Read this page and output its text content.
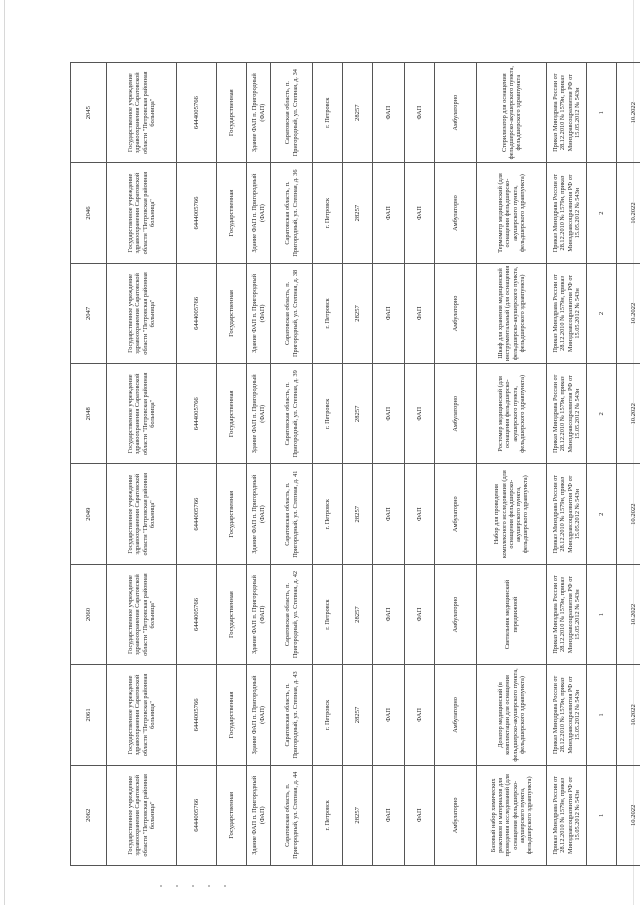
2062	2061	2060	2049	2048	2047	2046	2045
Государственное учреждение здравоохранения Саратовской области "Петровская районная больница"	Государственное учреждение здравоохранения Саратовской области "Петровская районная больница"	Государственное учреждение здравоохранения Саратовской области "Петровская районная больница"	Государственное учреждение здравоохранения Саратовской области "Петровская районная больница"	Государственное учреждение здравоохранения Саратовской области "Петровская районная больница"	Государственное учреждение здравоохранения Саратовской области "Петровская районная больница"	Государственное учреждение здравоохранения Саратовской области "Петровская районная больница"	Государственное учреждение здравоохранения Саратовской области "Петровская районная больница"
6444005766	6444005766	6444005766	6444005766	6444005766	6444005766	6444005766	6444005766
Государственная	Государственная	Государственная	Государственная	Государственная	Государственная	Государственная	Государственная
Здание ФАП п. Пригородный (ФАП)	Здание ФАП п. Пригородный (ФАП)	Здание ФАП п. Пригородный (ФАП)	Здание ФАП п. Пригородный (ФАП)	Здание ФАП п. Пригородный (ФАП)	Здание ФАП п. Пригородный (ФАП)	Здание ФАП п. Пригородный (ФАП)	Здание ФАП п. Пригородный (ФАП)
Саратовская область, п. Пригородный, ул. Степная, д. 44	Саратовская область, п. Пригородный, ул. Степная, д. 43	Саратовская область, п. Пригородный, ул. Степная, д. 42	Саратовская область, п. Пригородный, ул. Степная, д. 41	Саратовская область, п. Пригородный, ул. Степная, д. 39	Саратовская область, п. Пригородный, ул. Степная, д. 38	Саратовская область, п. Пригородный, ул. Степная, д. 36	Саратовская область, п. Пригородный, ул. Степная, д. 34
г. Петровск	г. Петровск	г. Петровск	г. Петровск	г. Петровск	г. Петровск	г. Петровск	г. Петровск
28257	28257	28257	28257	28257	28257	28257	28257
ФАП	ФАП	ФАП	ФАП	ФАП	ФАП	ФАП	ФАП
ФАП	ФАП	ФАП	ФАП	ФАП	ФАП	ФАП	ФАП
Амбулаторно	Амбулаторно	Амбулаторно	Амбулаторно	Амбулаторно	Амбулаторно	Амбулаторно	Амбулаторно
Базовый набор химических реактивов и материалов для проведения исследований (для оснащения фельдшерско-акушерского пункта, фельдшерского здравпункта)	Дозатор медицинский (в комплектации для оснащения фельдшерско-акушерского пункта, фельдшерского здравпункта)	Светильник медицинский передвижной	Набор для проведения комплексного исследования (для оснащения фельдшерско-акушерского пункта, фельдшерского здравпункта)	Ростомер медицинский (для оснащения фельдшерско-акушерского пункта, фельдшерского здравпункта)	Шкаф для хранения медицинской инструментальный (для оснащения фельдшерско-акушерского пункта, фельдшерского здравпункта)	Термометр медицинский (для оснащения фельдшерско-акушерского пункта, фельдшерского здравпункта)	Стерилизатор для оснащения фельдшерско-акушерского пункта, фельдшерского здравпункта
Приказ Минздрава России от 28.12.2010 № 1579н, приказ Минздравсоцразвития РФ от 15.05.2012 № 543н	Приказ Минздрава России от 28.12.2010 № 1579н, приказ Минздравсоцразвития РФ от 15.05.2012 № 543н	Приказ Минздрава России от 28.12.2010 № 1579н, приказ Минздравсоцразвития РФ от 15.05.2012 № 543н	Приказ Минздрава России от 28.12.2010 № 1579н, приказ Минздравсоцразвития РФ от 15.05.2012 № 543н	Приказ Минздрава России от 28.12.2010 № 1579н, приказ Минздравсоцразвития РФ от 15.05.2012 № 543н	Приказ Минздрава России от 28.12.2010 № 1579н, приказ Минздравсоцразвития РФ от 15.05.2012 № 543н	Приказ Минздрава России от 28.12.2010 № 1579н, приказ Минздравсоцразвития РФ от 15.05.2012 № 543н	Приказ Минздрава России от 28.12.2010 № 1579н, приказ Минздравсоцразвития РФ от 15.05.2012 № 543н
1	1	1	2	2	2	2	1
10.2022	10.2022	10.2022	10.2022	10.2022	10.2022	10.2022	10.2022
